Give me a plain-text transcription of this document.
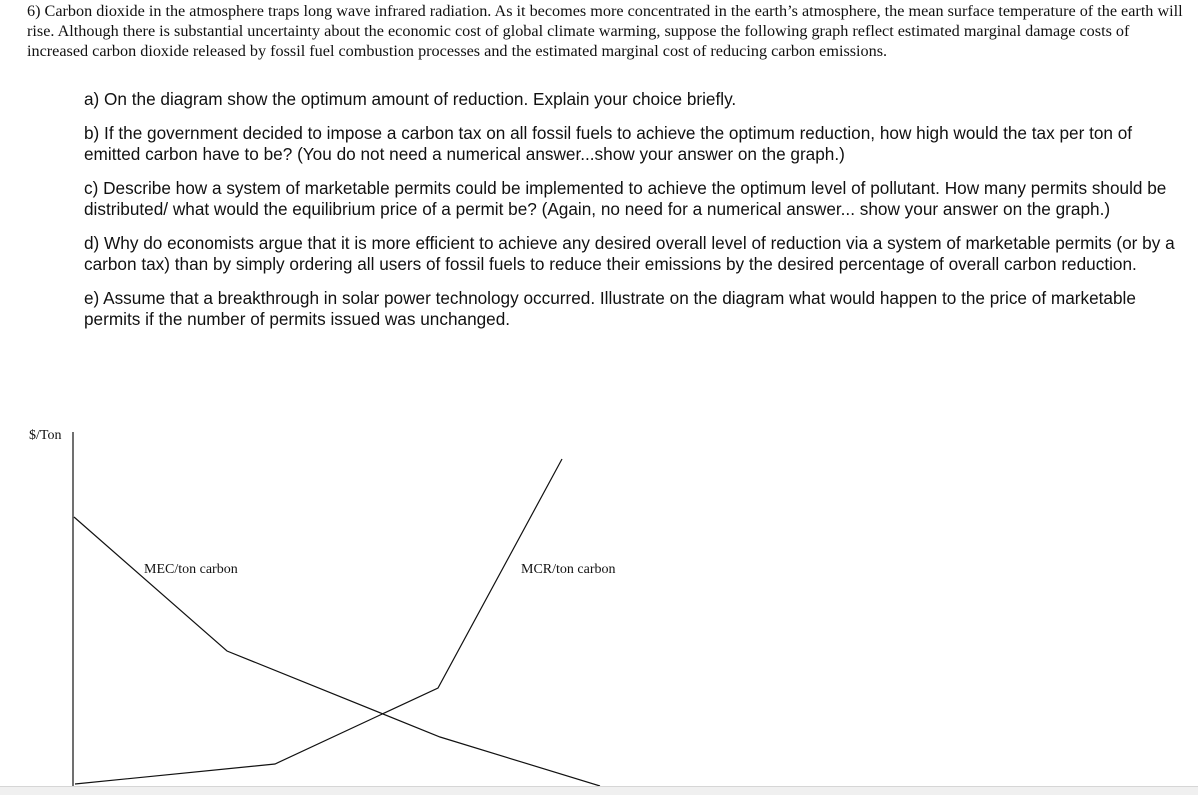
6) Carbon dioxide in the atmosphere traps long wave infrared radiation. As it becomes more concentrated in the earth’s atmosphere, the mean surface temperature of the earth will rise. Although there is substantial uncertainty about the economic cost of global climate warming, suppose the following graph reflect estimated marginal damage costs of increased carbon dioxide released by fossil fuel combustion processes and the estimated marginal cost of reducing carbon emissions.

a) On the diagram show the optimum amount of reduction. Explain your choice briefly.

b) If the government decided to impose a carbon tax on all fossil fuels to achieve the optimum reduction, how high would the tax per ton of emitted carbon have to be? (You do not need a numerical answer...show your answer on the graph.)

c) Describe how a system of marketable permits could be implemented to achieve the optimum level of pollutant. How many permits should be distributed/ what would the equilibrium price of a permit be? (Again, no need for a numerical answer... show your answer on the graph.)

d) Why do economists argue that it is more efficient to achieve any desired overall level of reduction via a system of marketable permits (or by a carbon tax) than by simply ordering all users of fossil fuels to reduce their emissions by the desired percentage of overall carbon reduction.

e) Assume that a breakthrough in solar power technology occurred. Illustrate on the diagram what would happen to the price of marketable permits if the number of permits issued was unchanged.

$/Ton
MEC/ton carbon	MCR/ton carbon
